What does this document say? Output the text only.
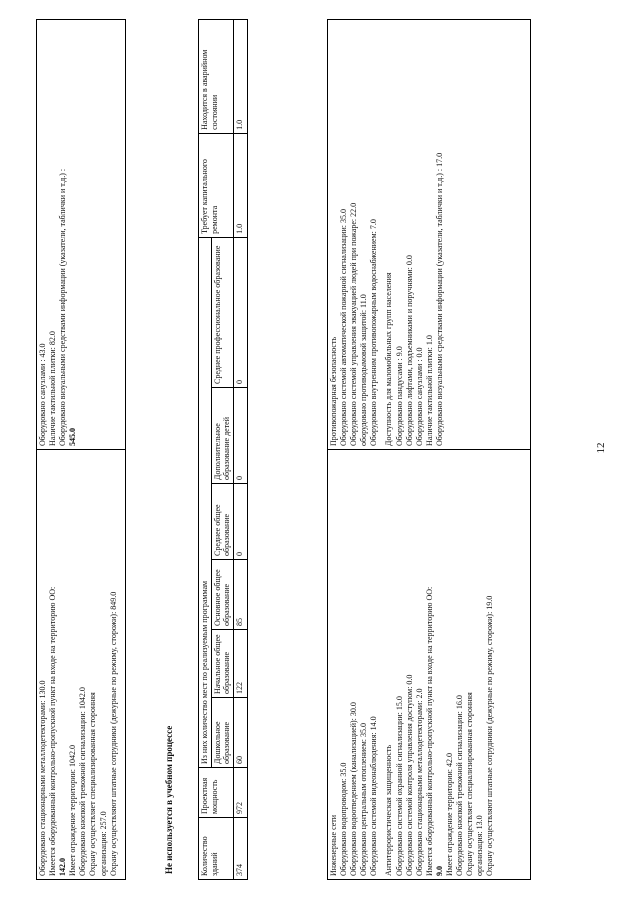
12
Оборудовано стационарными металлодетекторами: 130.0 Имеется оборудованный контрольно-пропускной пункт на входе на территорию ОО: 142.0 Имеет ограждение территории: 1042.0 Оборудовано кнопкой тревожной сигнализации: 1042.0 Охрану осуществляет специализированная сторонняя организация: 257.0 Охрану осуществляют штатные сотрудники (дежурные по режиму, сторожи): 849.0

Оборудовано санузлами : 43.0 Наличие тактильной плитки: 82.0 Оборудовано визуальными средствами информации (указатели, таблички и т.д.) : 545.0
Не используется в учебном процессе	Количество зданий	Проектная мощность	Из них количество мест по реализуемым программам						Требует капитального ремонта	Находится в аварийном состоянии
		Дошкольное образование	Начальное общее образование	Основное общее образование	Среднее общее образование	Дополнительное образование детей	Среднее профессиональное образование		
374	972	60	122	85	0	0	0	1.0	1.0
Инженерные сети Оборудовано водопроводом: 35.0 Оборудовано водоотведением (канализацией): 30.0 Оборудовано центральным отоплением: 35.0 Оборудовано системой видеонаблюдения: 14.0 Антитеррористическая защищенность Оборудовано системой охранной сигнализации: 15.0 Оборудовано системой контроля управления доступом: 0.0 Оборудовано стационарными металлодетекторами: 2.0 Имеется оборудованный контрольно-пропускной пункт на входе на территорию ОО: 9.0 Имеет ограждение территории: 42.0 Оборудовано кнопкой тревожной сигнализации: 16.0 Охрану осуществляет специализированная сторонняя организация: 13.0 Охрану осуществляют штатные сотрудники (дежурные по режиму, сторожи): 19.0

Противопожарная безопасность Оборудовано системой автоматической пожарной сигнализации: 35.0 Оборудовано системой управления эвакуацией людей при пожаре: 22.0 оборудовано противодымовой защитой: 11.0 Оборудовано внутренним противопожарным водоснабжением: 7.0 Доступность для маломобильных групп населения Оборудовано пандусами : 9.0 Оборудовано лифтами, подъемниками и поручнями: 0.0 Оборудовано санузлами : 0.0 Наличие тактильной плитки: 1.0 Оборудовано визуальными средствами информации (указатели, таблички и т.д.) : 17.0
